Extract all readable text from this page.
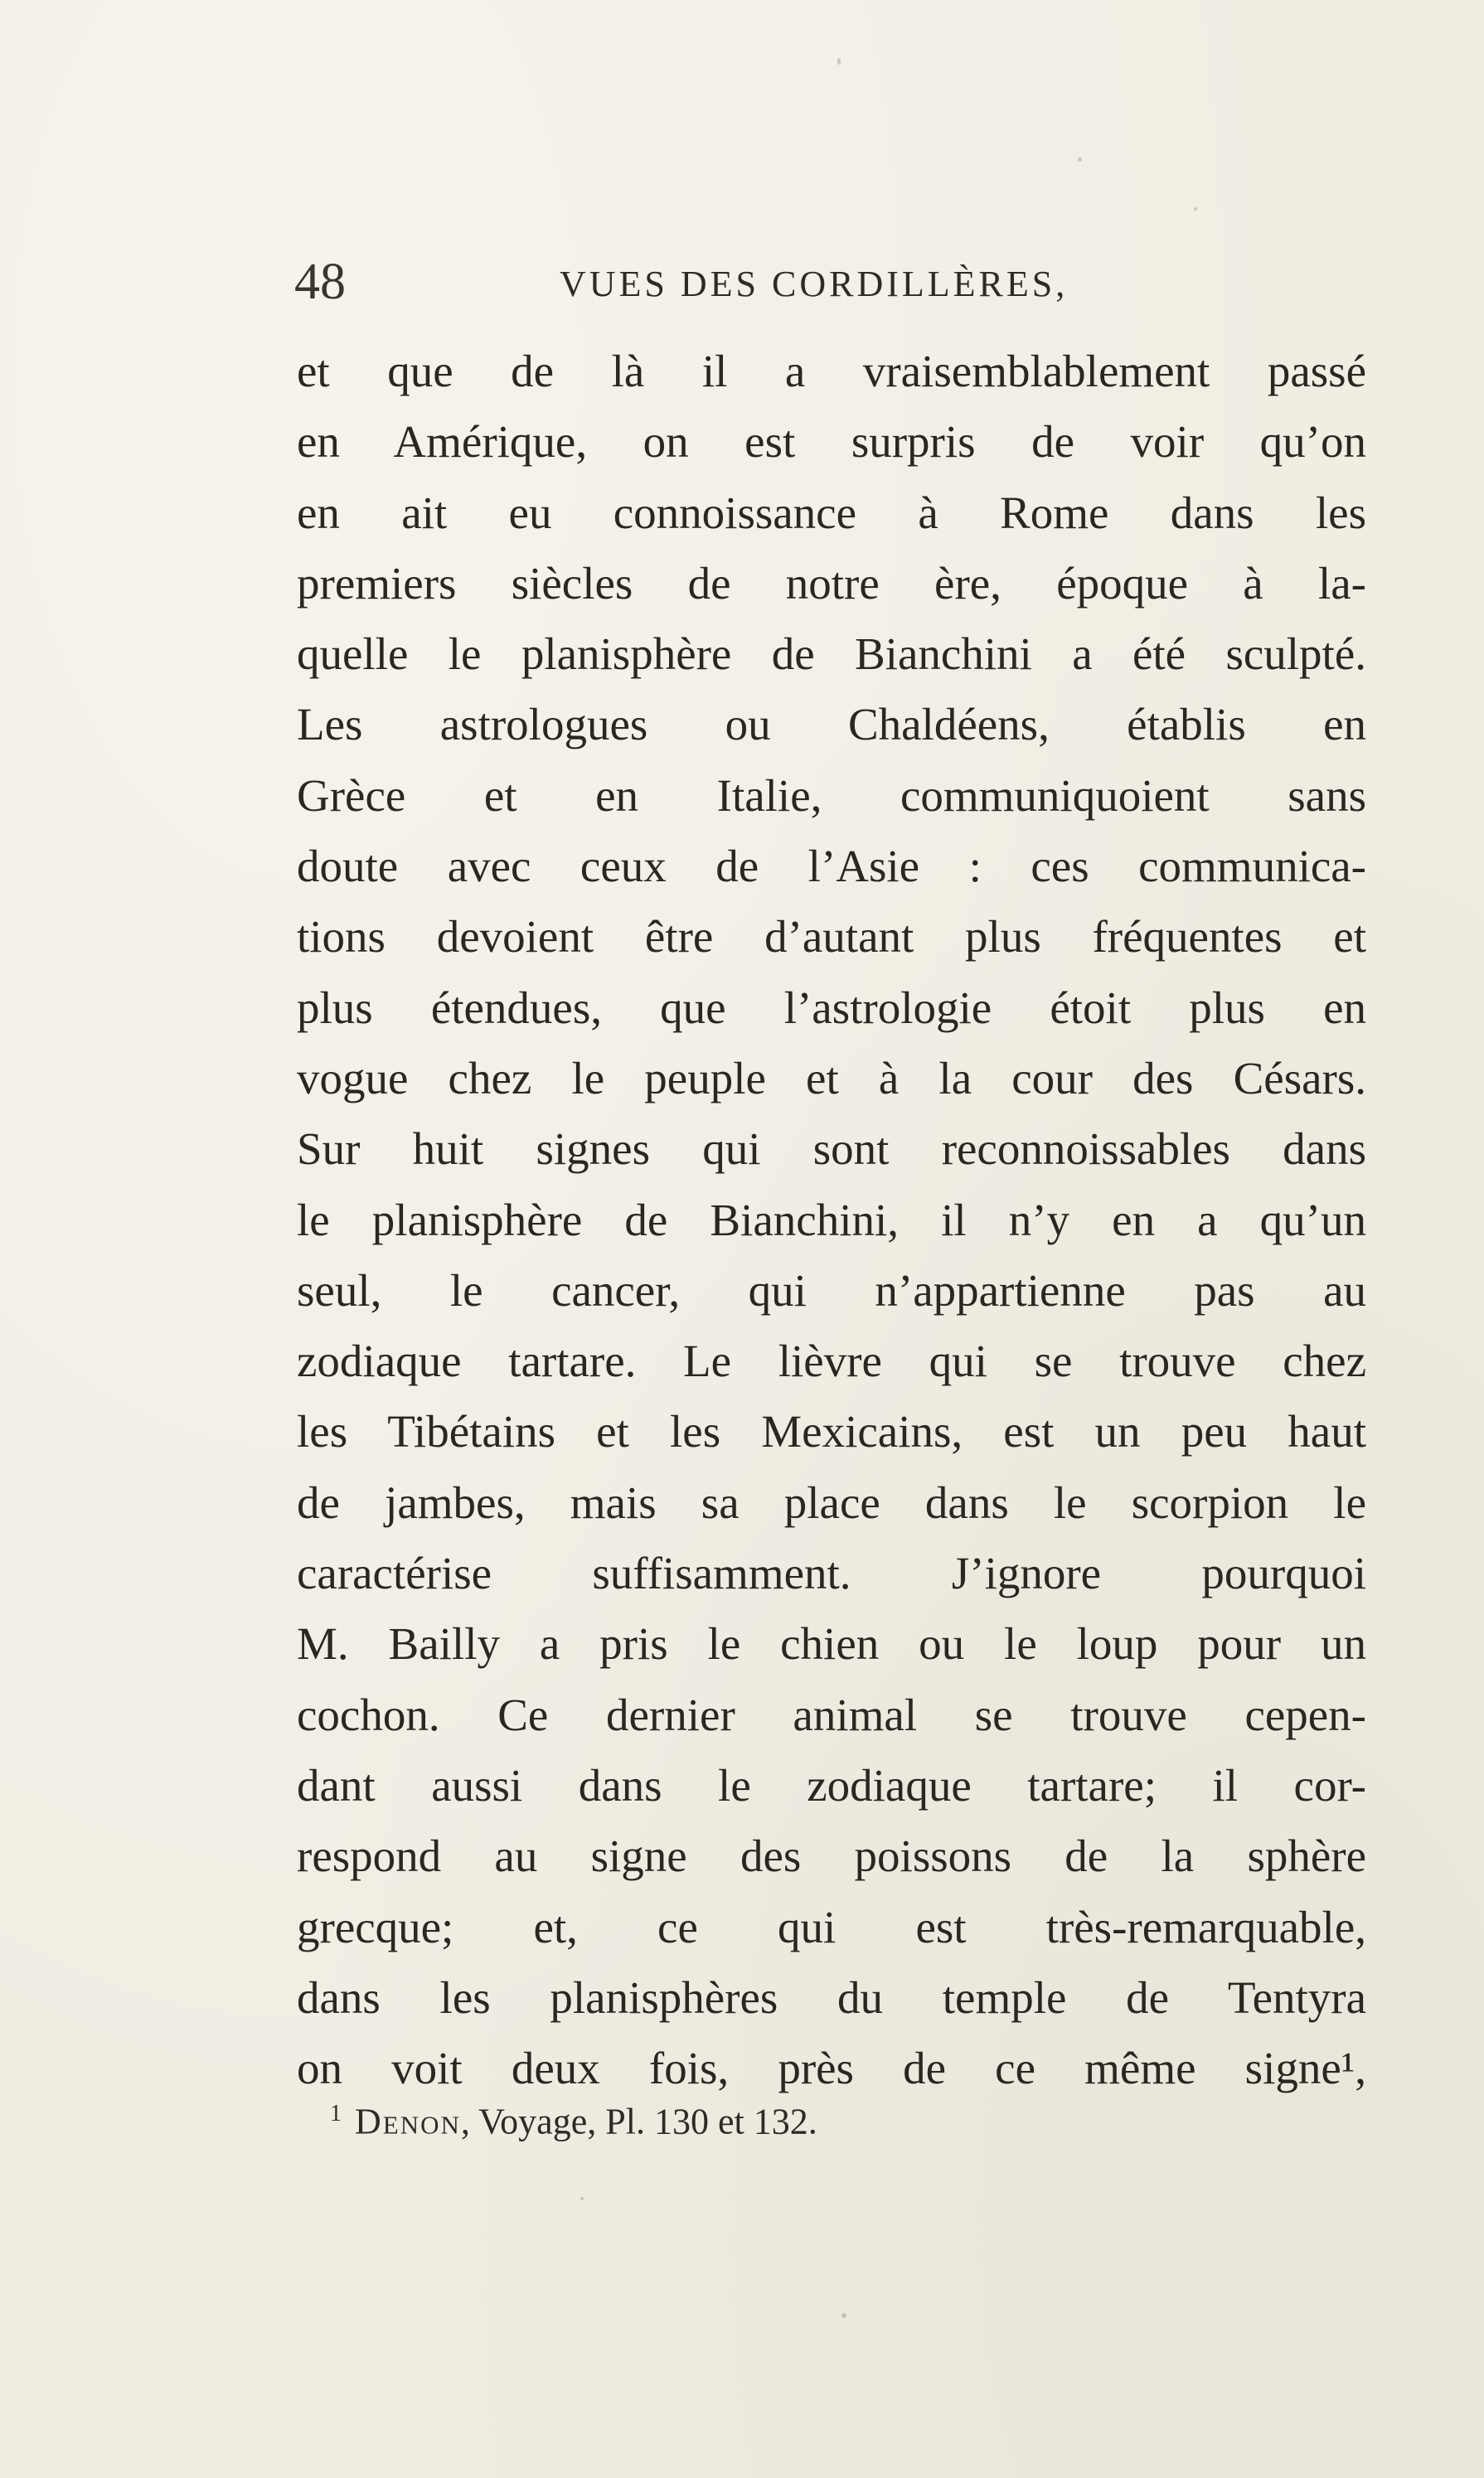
48	VUES DES CORDILLÈRES,
et que de là il a vraisemblablement passé
en Amérique, on est surpris de voir qu’on
en ait eu connoissance à Rome dans les
premiers siècles de notre ère, époque à la-
quelle le planisphère de Bianchini a été sculpté.
Les astrologues ou Chaldéens, établis en
Grèce et en Italie, communiquoient sans
doute avec ceux de l’Asie : ces communica-
tions devoient être d’autant plus fréquentes et
plus étendues, que l’astrologie étoit plus en
vogue chez le peuple et à la cour des Césars.
Sur huit signes qui sont reconnoissables dans
le planisphère de Bianchini, il n’y en a qu’un
seul, le cancer, qui n’appartienne pas au
zodiaque tartare. Le lièvre qui se trouve chez
les Tibétains et les Mexicains, est un peu haut
de jambes, mais sa place dans le scorpion le
caractérise suffisamment. J’ignore pourquoi
M. Bailly a pris le chien ou le loup pour un
cochon. Ce dernier animal se trouve cepen-
dant aussi dans le zodiaque tartare; il cor-
respond au signe des poissons de la sphère
grecque; et, ce qui est très-remarquable,
dans les planisphères du temple de Tentyra
on voit deux fois, près de ce même signe¹,
$^1$ Denon, Voyage, Pl. 130 et 132.
